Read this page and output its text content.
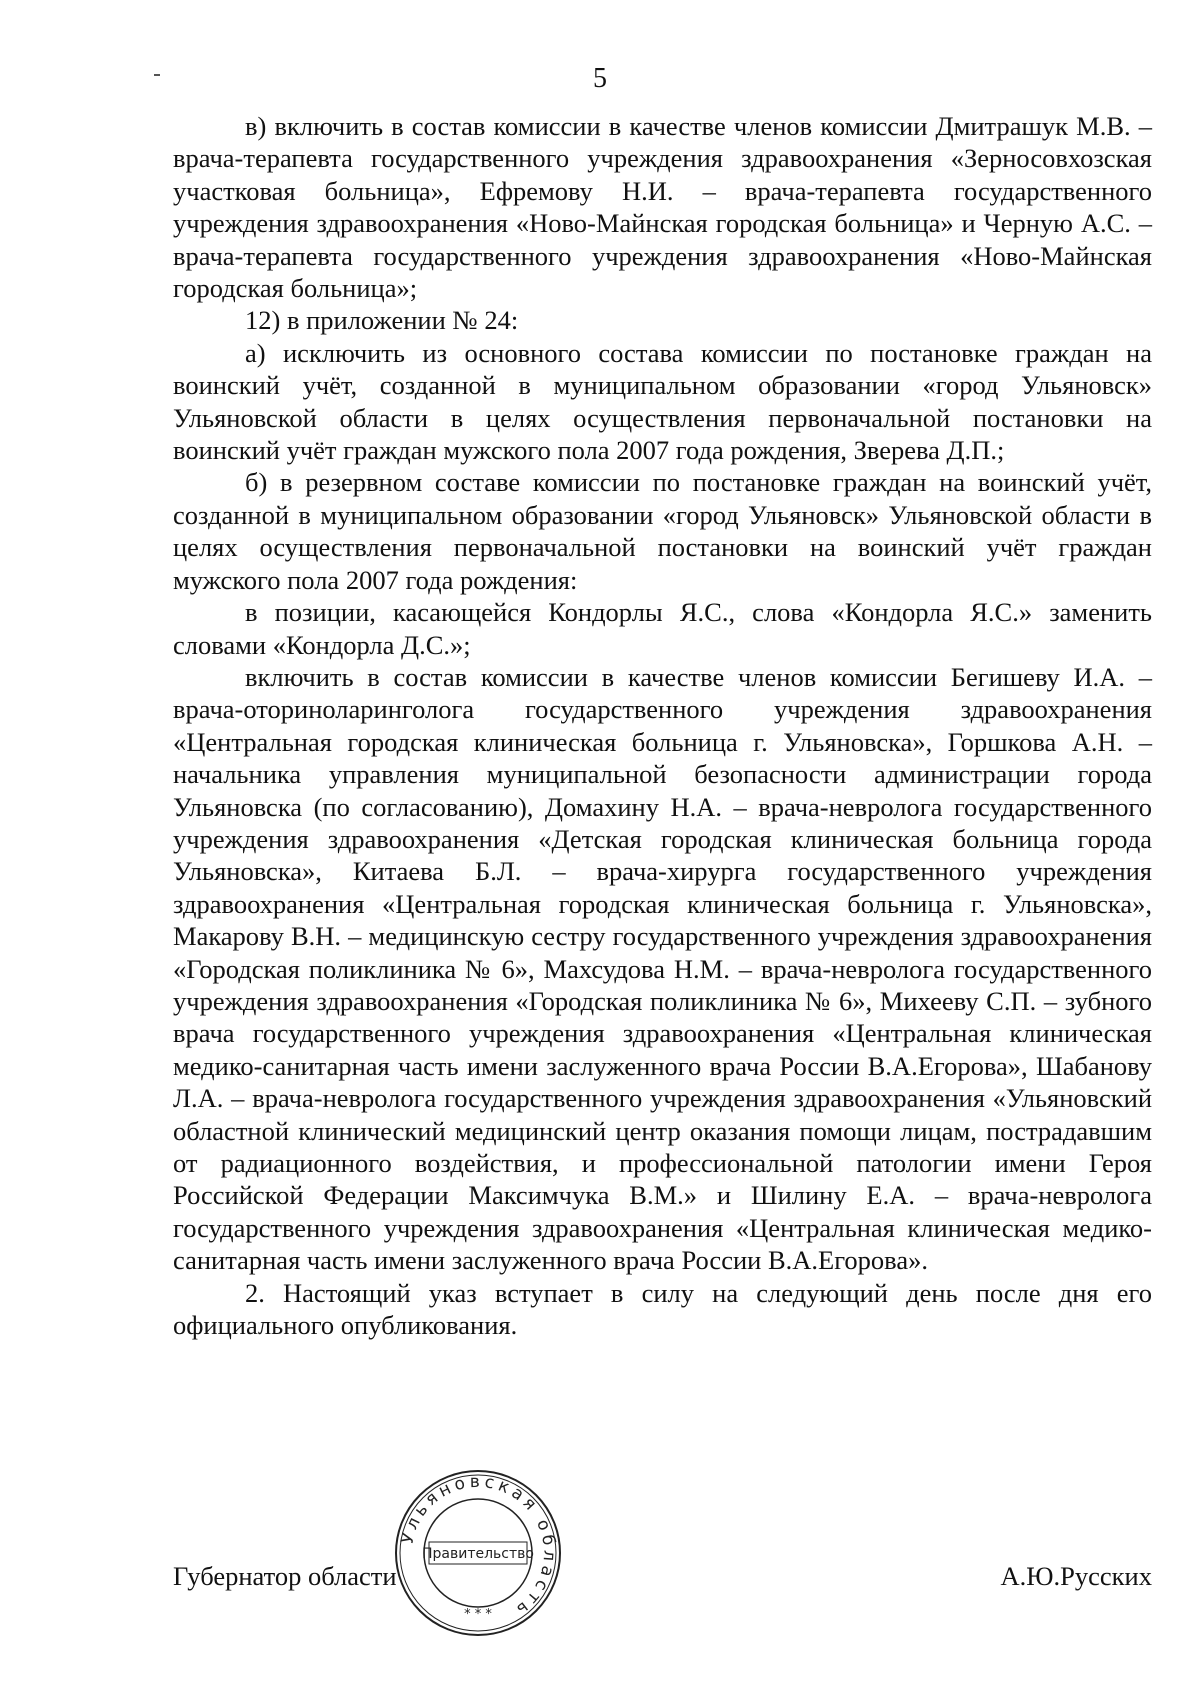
5

в) включить в состав комиссии в качестве членов комиссии Дмитрашук М.В. – врача-терапевта государственного учреждения здравоохранения «Зерносовхозская участковая больница», Ефремову Н.И. – врача-терапевта государственного учреждения здравоохранения «Ново-Майнская городская больница» и Черную А.С. – врача-терапевта государственного учреждения здравоохранения «Ново-Майнская городская больница»;

12) в приложении № 24:

а) исключить из основного состава комиссии по постановке граждан на воинский учёт, созданной в муниципальном образовании «город Ульяновск» Ульяновской области в целях осуществления первоначальной постановки на воинский учёт граждан мужского пола 2007 года рождения, Зверева Д.П.;

б) в резервном составе комиссии по постановке граждан на воинский учёт, созданной в муниципальном образовании «город Ульяновск» Ульяновской области в целях осуществления первоначальной постановки на воинский учёт граждан мужского пола 2007 года рождения:

в позиции, касающейся Кондорлы Я.С., слова «Кондорла Я.С.» заменить словами «Кондорла Д.С.»;

включить в состав комиссии в качестве членов комиссии Бегишеву И.А. – врача-оториноларинголога государственного учреждения здравоохранения «Центральная городская клиническая больница г. Ульяновска», Горшкова А.Н. – начальника управления муниципальной безопасности администрации города Ульяновска (по согласованию), Домахину Н.А. – врача-невролога государственного учреждения здравоохранения «Детская городская клиническая больница города Ульяновска», Китаева Б.Л. – врача-хирурга государственного учреждения здравоохранения «Центральная городская клиническая больница г. Ульяновска», Макарову В.Н. – медицинскую сестру государственного учреждения здравоохранения «Городская поликлиника № 6», Махсудова Н.М. – врача-невролога государственного учреждения здравоохранения «Городская поликлиника № 6», Михееву С.П. – зубного врача государственного учреждения здравоохранения «Центральная клиническая медико-санитарная часть имени заслуженного врача России В.А.Егорова», Шабанову Л.А. – врача-невролога государственного учреждения здравоохранения «Ульяновский областной клинический медицинский центр оказания помощи лицам, пострадавшим от радиационного воздействия, и профессиональной патологии имени Героя Российской Федерации Максимчука В.М.» и Шилину Е.А. – врача-невролога государственного учреждения здравоохранения «Центральная клиническая медико-санитарная часть имени заслуженного врача России В.А.Егорова».

2. Настоящий указ вступает в силу на следующий день после дня его официального опубликования.

Губернатор области	А.Ю.Русских
Ульяновская область
Правительство
* * *
